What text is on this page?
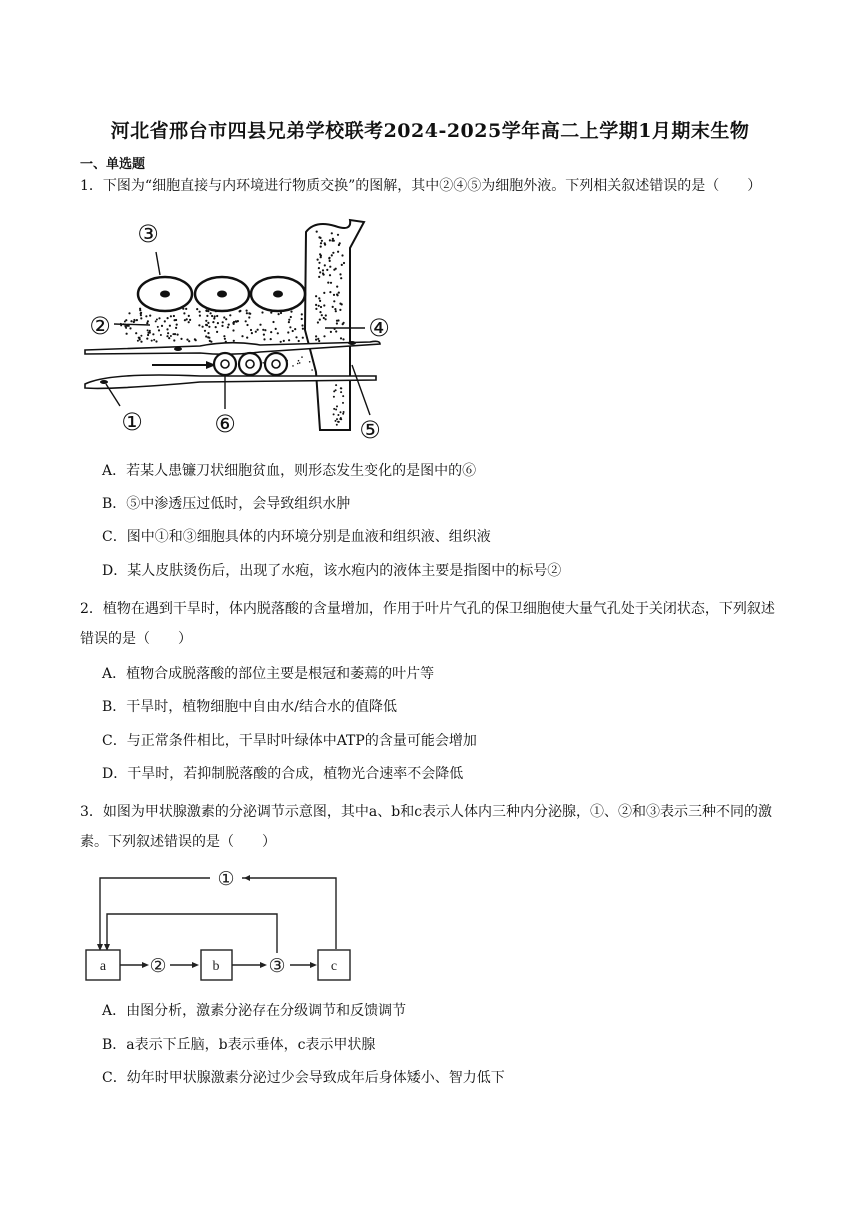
河北省邢台市四县兄弟学校联考2024-2025学年高二上学期1月期末生物
一、单选题
1．下图为“细胞直接与内环境进行物质交换”的图解，其中②④⑤为细胞外液。下列相关叙述错误的是（　　）
③
②	④
①	⑥	⑤
A．若某人患镰刀状细胞贫血，则形态发生变化的是图中的⑥
B．⑤中渗透压过低时，会导致组织水肿
C．图中①和③细胞具体的内环境分别是血液和组织液、组织液
D．某人皮肤烫伤后，出现了水疱，该水疱内的液体主要是指图中的标号②
2．植物在遇到干旱时，体内脱落酸的含量增加，作用于叶片气孔的保卫细胞使大量气孔处于关闭状态，下列叙述错误的是（　　）
A．植物合成脱落酸的部位主要是根冠和萎蔫的叶片等
B．干旱时，植物细胞中自由水/结合水的值降低
C．与正常条件相比，干旱时叶绿体中ATP的含量可能会增加
D．干旱时，若抑制脱落酸的合成，植物光合速率不会降低
3．如图为甲状腺激素的分泌调节示意图，其中a、b和c表示人体内三种内分泌腺，①、②和③表示三种不同的激素。下列叙述错误的是（　　）
a	b	c
①
②	③
A．由图分析，激素分泌存在分级调节和反馈调节
B．a表示下丘脑，b表示垂体，c表示甲状腺
C．幼年时甲状腺激素分泌过少会导致成年后身体矮小、智力低下
